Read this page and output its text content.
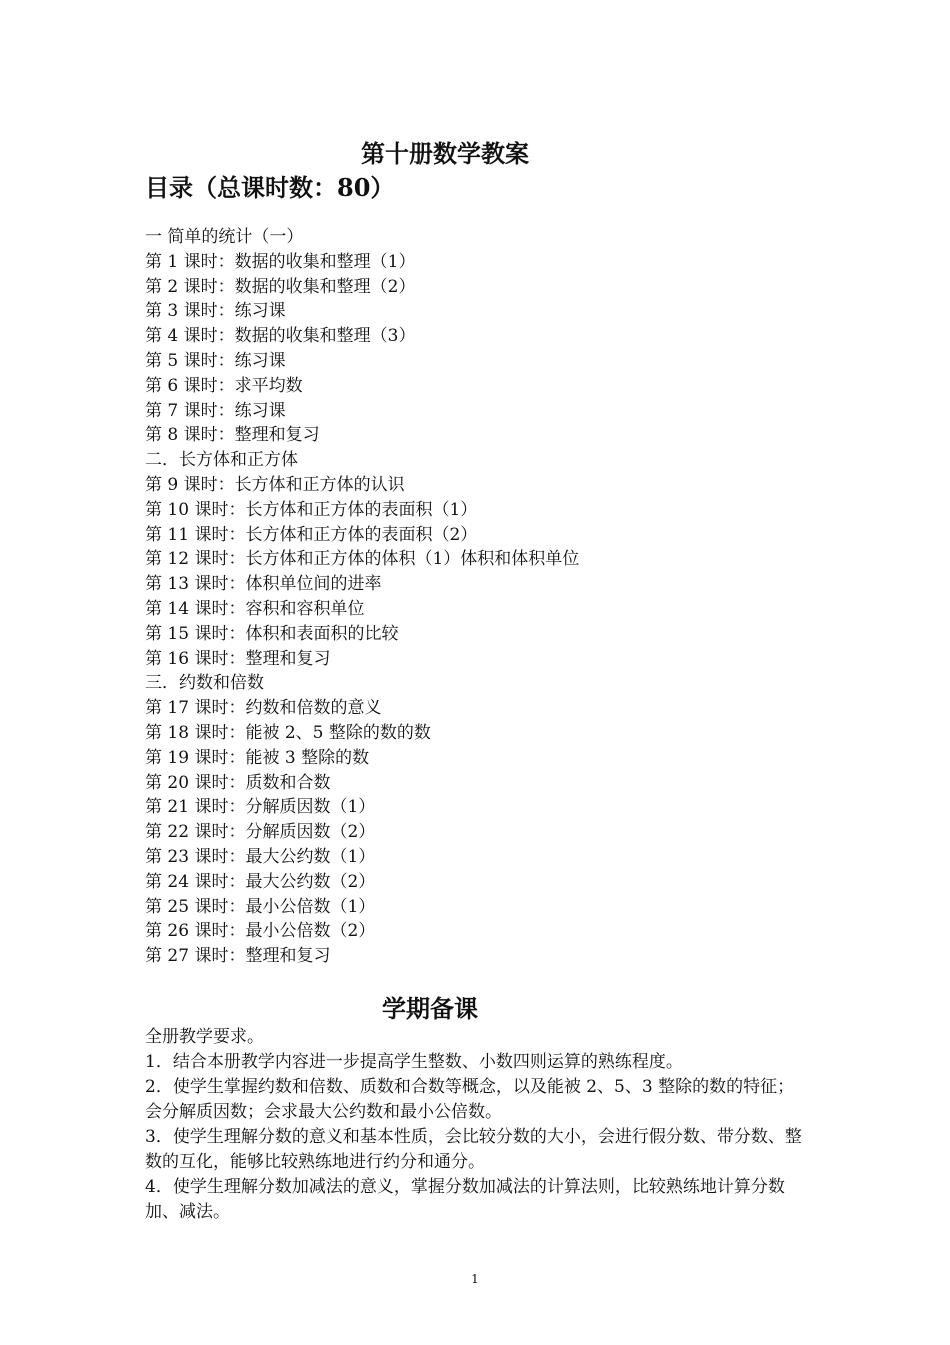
第十册数学教案
目录（总课时数：80）
一 简单的统计（一）
第 1 课时：数据的收集和整理（1）
第 2 课时：数据的收集和整理（2）
第 3 课时：练习课
第 4 课时：数据的收集和整理（3）
第 5 课时：练习课
第 6 课时：求平均数
第 7 课时：练习课
第 8 课时：整理和复习
二．长方体和正方体
第 9 课时：长方体和正方体的认识
第 10 课时：长方体和正方体的表面积（1）
第 11 课时：长方体和正方体的表面积（2）
第 12 课时：长方体和正方体的体积（1）体积和体积单位
第 13 课时：体积单位间的进率
第 14 课时：容积和容积单位
第 15 课时：体积和表面积的比较
第 16 课时：整理和复习
三．约数和倍数
第 17 课时：约数和倍数的意义
第 18 课时：能被 2、5 整除的数的数
第 19 课时：能被 3 整除的数
第 20 课时：质数和合数
第 21 课时：分解质因数（1）
第 22 课时：分解质因数（2）
第 23 课时：最大公约数（1）
第 24 课时：最大公约数（2）
第 25 课时：最小公倍数（1）
第 26 课时：最小公倍数（2）
第 27 课时：整理和复习
学期备课

全册教学要求。

1．结合本册教学内容进一步提高学生整数、小数四则运算的熟练程度。

2．使学生掌握约数和倍数、质数和合数等概念，以及能被 2、5、3 整除的数的特征；会分解质因数；会求最大公约数和最小公倍数。

3．使学生理解分数的意义和基本性质，会比较分数的大小，会进行假分数、带分数、整数的互化，能够比较熟练地进行约分和通分。

4．使学生理解分数加减法的意义，掌握分数加减法的计算法则，比较熟练地计算分数加、减法。

1
